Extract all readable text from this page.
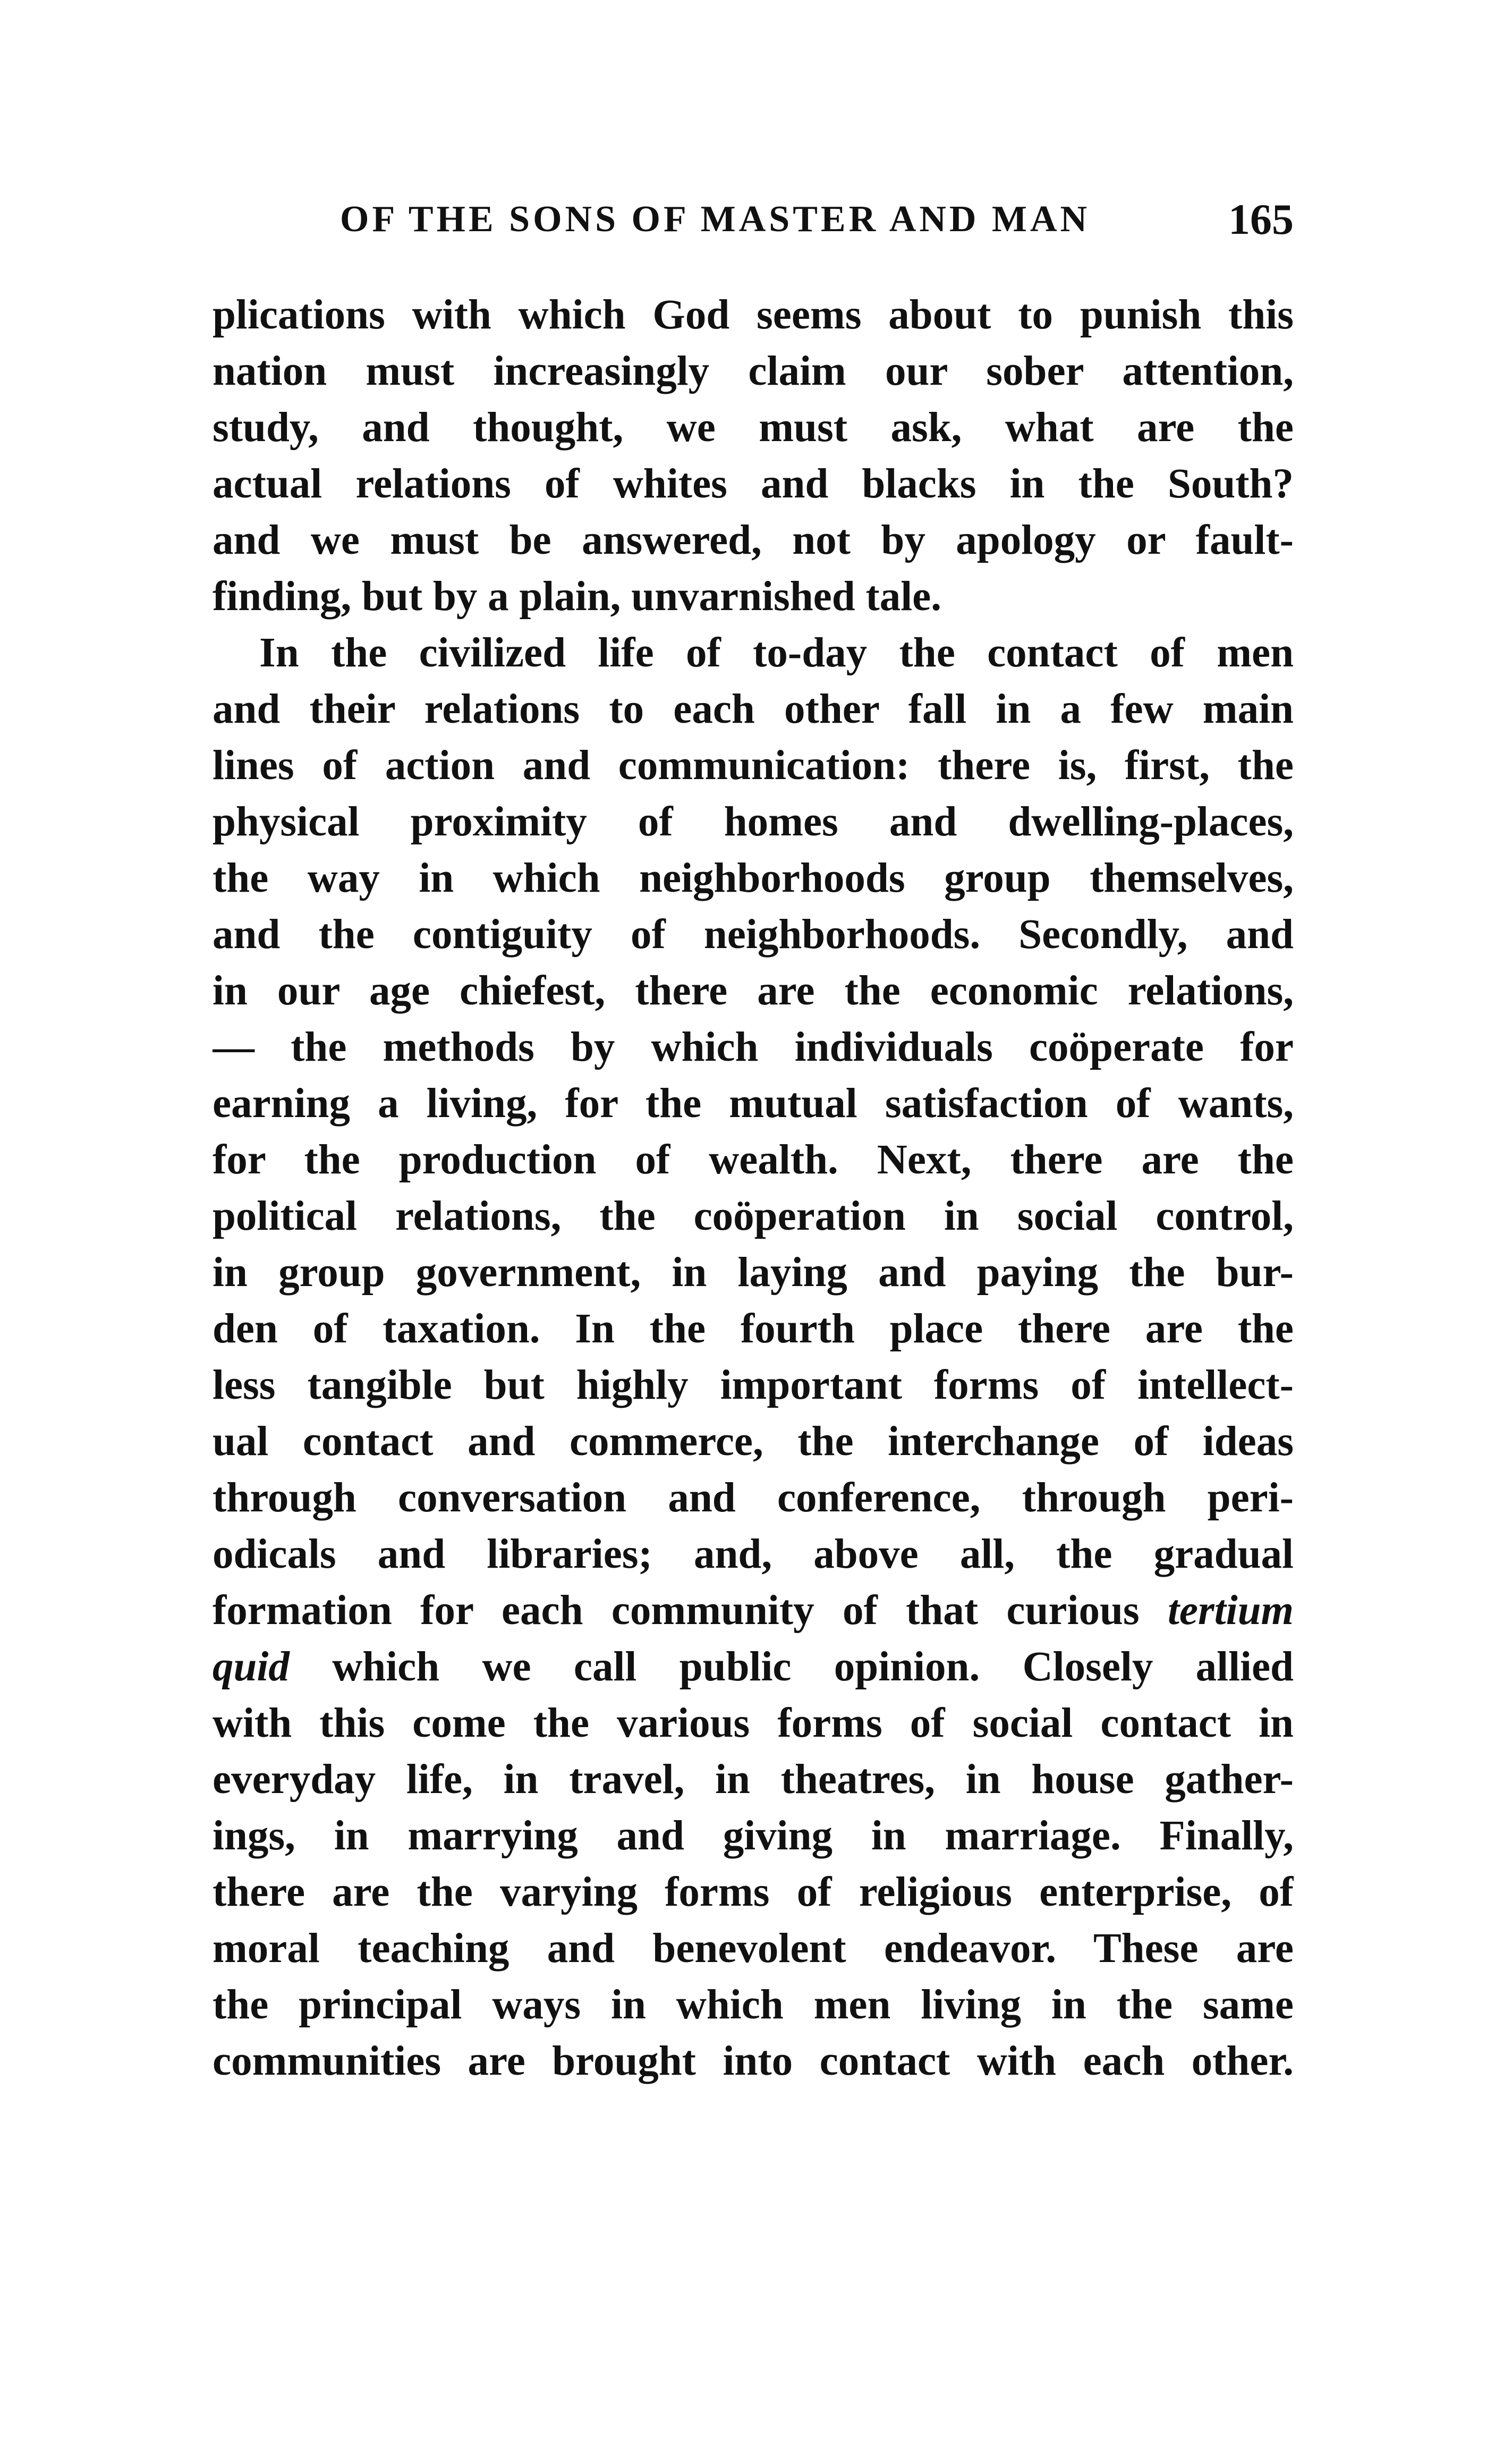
OF THE SONS OF MASTER AND MAN	165
plications with which God seems about to punish this
nation must increasingly claim our sober attention,
study, and thought, we must ask, what are the
actual relations of whites and blacks in the South?
and we must be answered, not by apology or fault-
finding, but by a plain, unvarnished tale.
In the civilized life of to-day the contact of men
and their relations to each other fall in a few main
lines of action and communication: there is, first, the
physical proximity of homes and dwelling-places,
the way in which neighborhoods group themselves,
and the contiguity of neighborhoods. Secondly, and
in our age chiefest, there are the economic relations,
— the methods by which individuals coöperate for
earning a living, for the mutual satisfaction of wants,
for the production of wealth. Next, there are the
political relations, the coöperation in social control,
in group government, in laying and paying the bur-
den of taxation. In the fourth place there are the
less tangible but highly important forms of intellect-
ual contact and commerce, the interchange of ideas
through conversation and conference, through peri-
odicals and libraries; and, above all, the gradual
formation for each community of that curious tertium
quid which we call public opinion. Closely allied
with this come the various forms of social contact in
everyday life, in travel, in theatres, in house gather-
ings, in marrying and giving in marriage. Finally,
there are the varying forms of religious enterprise, of
moral teaching and benevolent endeavor. These are
the principal ways in which men living in the same
communities are brought into contact with each other.
